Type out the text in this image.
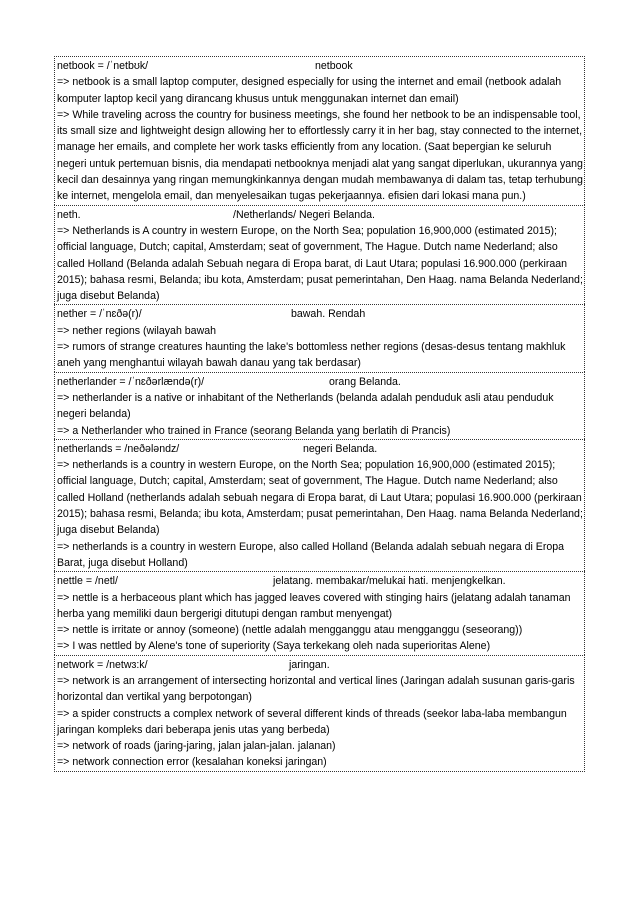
netbook = /ˈnetbʊk/	netbook
=> netbook is a small laptop computer, designed especially for using the internet and email (netbook adalah komputer laptop kecil yang dirancang khusus untuk menggunakan internet dan email)
=> While traveling across the country for business meetings, she found her netbook to be an indispensable tool, its small size and lightweight design allowing her to effortlessly carry it in her bag, stay connected to the internet, manage her emails, and complete her work tasks efficiently from any location. (Saat bepergian ke seluruh negeri untuk pertemuan bisnis, dia mendapati netbooknya menjadi alat yang sangat diperlukan, ukurannya yang kecil dan desainnya yang ringan memungkinkannya dengan mudah membawanya di dalam tas, tetap terhubung ke internet, mengelola email, dan menyelesaikan tugas pekerjaannya. efisien dari lokasi mana pun.)
neth.	/Netherlands/ Negeri Belanda.
=> Netherlands is A country in western Europe, on the North Sea; population 16,900,000 (estimated 2015); official language, Dutch; capital, Amsterdam; seat of government, The Hague. Dutch name Nederland; also called Holland (Belanda adalah Sebuah negara di Eropa barat, di Laut Utara; populasi 16.900.000 (perkiraan 2015); bahasa resmi, Belanda; ibu kota, Amsterdam; pusat pemerintahan, Den Haag. nama Belanda Nederland; juga disebut Belanda)
nether = /ˈnɛðə(r)/	bawah. Rendah
=> nether regions (wilayah bawah
=> rumors of strange creatures haunting the lake's bottomless nether regions (desas-desus tentang makhluk aneh yang menghantui wilayah bawah danau yang tak berdasar)
netherlander = /ˈnɛðərlændə(r)/	orang Belanda.
=> netherlander is a native or inhabitant of the Netherlands (belanda adalah penduduk asli atau penduduk negeri belanda)
=> a Netherlander who trained in France (seorang Belanda yang berlatih di Prancis)
netherlands = /neðələndz/	negeri Belanda.
=> netherlands is a country in western Europe, on the North Sea; population 16,900,000 (estimated 2015); official language, Dutch; capital, Amsterdam; seat of government, The Hague. Dutch name Nederland; also called Holland (netherlands adalah sebuah negara di Eropa barat, di Laut Utara; populasi 16.900.000 (perkiraan 2015); bahasa resmi, Belanda; ibu kota, Amsterdam; pusat pemerintahan, Den Haag. nama Belanda Nederland; juga disebut Belanda)
=> netherlands is a country in western Europe, also called Holland (Belanda adalah sebuah negara di Eropa Barat, juga disebut Holland)
nettle = /netl/	jelatang. membakar/melukai hati. menjengkelkan.
=> nettle is a herbaceous plant which has jagged leaves covered with stinging hairs (jelatang adalah tanaman herba yang memiliki daun bergerigi ditutupi dengan rambut menyengat)
=> nettle is irritate or annoy (someone) (nettle adalah mengganggu atau mengganggu (seseorang))
=> I was nettled by Alene's tone of superiority (Saya terkekang oleh nada superioritas Alene)
network = /netwɜ:k/	jaringan.
=> network is an arrangement of intersecting horizontal and vertical lines (Jaringan adalah susunan garis-garis horizontal dan vertikal yang berpotongan)
=> a spider constructs a complex network of several different kinds of threads (seekor laba-laba membangun jaringan kompleks dari beberapa jenis utas yang berbeda)
=> network of roads (jaring-jaring, jalan jalan-jalan. jalanan)
=> network connection error (kesalahan koneksi jaringan)
